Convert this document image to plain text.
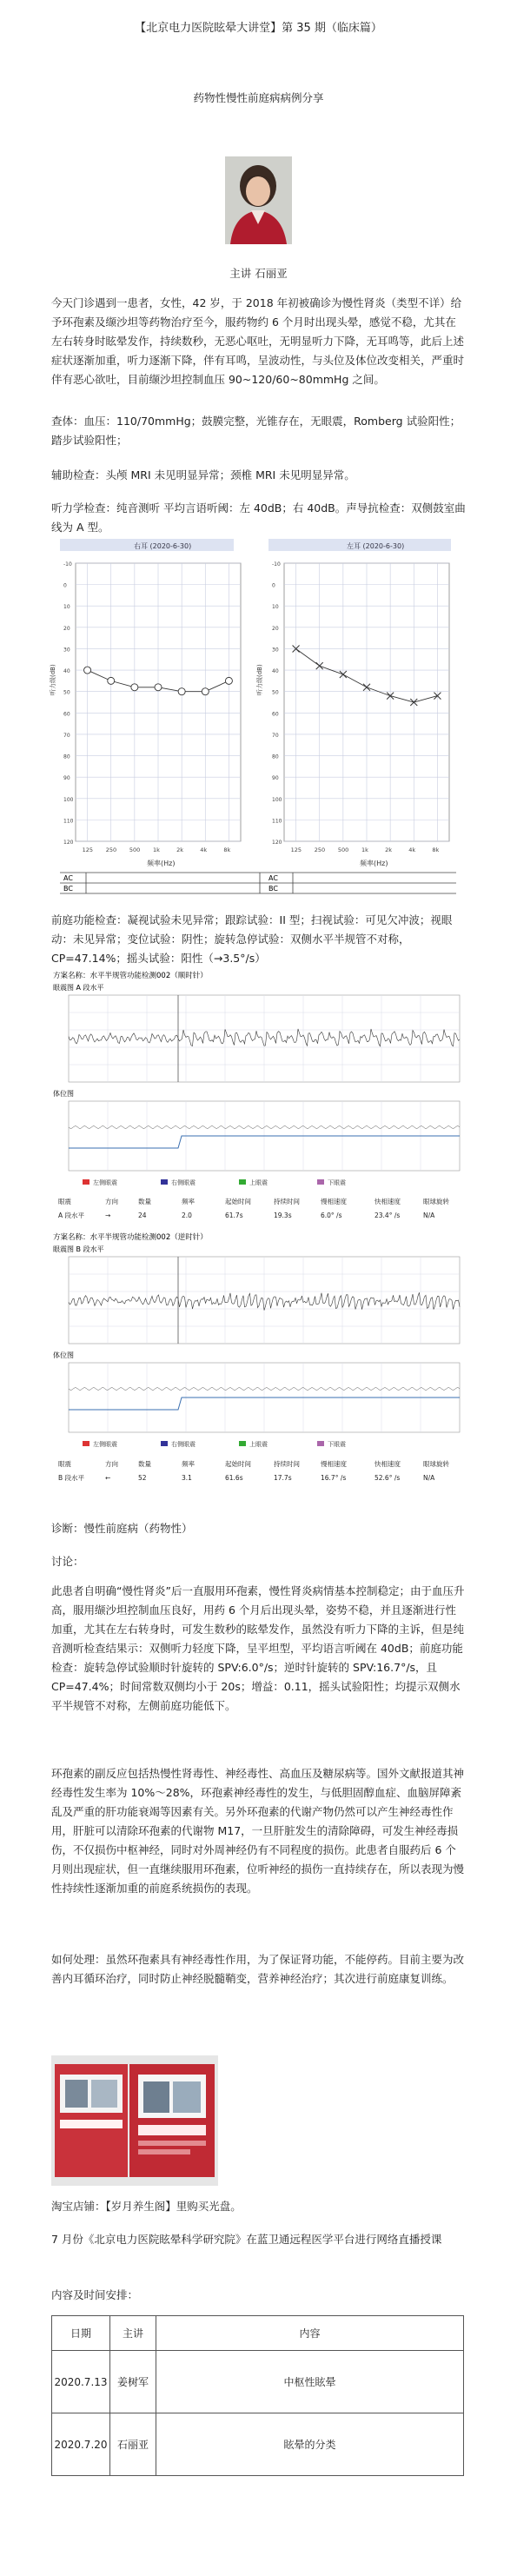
【北京电力医院眩晕大讲堂】第 35 期（临床篇）

药物性慢性前庭病病例分享

主讲 石丽亚

今天门诊遇到一患者，女性，42 岁，于 2018 年初被确诊为慢性肾炎（类型不详）给予环孢素及缬沙坦等药物治疗至今，服药物约 6 个月时出现头晕，感觉不稳，尤其在左右转身时眩晕发作，持续数秒，无恶心呕吐，无明显听力下降，无耳鸣等，此后上述症状逐渐加重，听力逐渐下降，伴有耳鸣，呈波动性，与头位及体位改变相关，严重时伴有恶心欲吐，目前缬沙坦控制血压 90~120/60~80mmHg 之间。

查体：血压：110/70mmHg；鼓膜完整，光锥存在，无眼震，Romberg 试验阳性；踏步试验阳性；

辅助检查：头颅 MRI 未见明显异常；颈椎 MRI 未见明显异常。

听力学检查：纯音测听 平均言语听阈：左 40dB；右 40dB。声导抗检查：双侧鼓室曲线为 A 型。

右耳 (2020-6-30)	左耳 (2020-6-30)
-10
0
10
20
30
40
50
60
70
80
90
100
110
120
125 250 500 1k	2k	4k	8k
-10
0
10
20
30
40
50
60
70
80
90
100
110
120
125 250 500 1k	2k	4k	8k
频率(Hz)	频率(Hz)
听力级(dB)	听力级(dB)
AC
BC
AC
BC

前庭功能检查：凝视试验未见异常；跟踪试验：II 型；扫视试验：可见欠冲波；视眼动：未见异常；变位试验：阴性；旋转急停试验：双侧水平半规管不对称，CP=47.14%；摇头试验：阳性（→3.5°/s）

方案名称：水平半规管功能检测002（顺时针）
眼震图 A 段水平
体位图
左侧眼震	右侧眼震	上眼震	下眼震
眼震	方向	数量	频率	起始时间	持续时间	慢相速度	快相速度	眼球旋转
A 段水平	→	24	2.0	61.7s	19.3s	6.0° /s	23.4° /s	N/A
方案名称：水平半规管功能检测002（逆时针）
眼震图 B 段水平
体位图
左侧眼震	右侧眼震	上眼震	下眼震
眼震	方向	数量	频率	起始时间	持续时间	慢相速度	快相速度	眼球旋转
B 段水平	←	52	3.1	61.6s	17.7s	16.7° /s	52.6° /s	N/A

诊断：慢性前庭病（药物性）

讨论：

此患者自明确“慢性肾炎”后一直服用环孢素，慢性肾炎病情基本控制稳定；由于血压升高，服用缬沙坦控制血压良好，用药 6 个月后出现头晕，姿势不稳，并且逐渐进行性加重，尤其在左右转身时，可发生数秒的眩晕发作，虽然没有听力下降的主诉，但是纯音测听检查结果示：双侧听力轻度下降，呈平坦型，平均语言听阈在 40dB；前庭功能检查：旋转急停试验顺时针旋转的 SPV:6.0°/s；逆时针旋转的 SPV:16.7°/s，且 CP=47.4%；时间常数双侧均小于 20s；增益：0.11，摇头试验阳性；均提示双侧水平半规管不对称，左侧前庭功能低下。

环孢素的副反应包括热慢性肾毒性、神经毒性、高血压及糖尿病等。国外文献报道其神经毒性发生率为 10%～28%，环孢素神经毒性的发生，与低胆固醇血症、血脑屏障紊乱及严重的肝功能衰竭等因素有关。另外环孢素的代谢产物仍然可以产生神经毒性作用，肝脏可以清除环孢素的代谢物 M17，一旦肝脏发生的清除障碍，可发生神经毒损伤，不仅损伤中枢神经，同时对外周神经仍有不同程度的损伤。此患者自服药后 6 个月则出现症状，但一直继续服用环孢素，位听神经的损伤一直持续存在，所以表现为慢性持续性逐渐加重的前庭系统损伤的表现。

如何处理：虽然环孢素具有神经毒性作用，为了保证肾功能，不能停药。目前主要为改善内耳循环治疗，同时防止神经脱髓鞘变，营养神经治疗；其次进行前庭康复训练。

淘宝店铺：【岁月养生阁】里购买光盘。

7 月份《北京电力医院眩晕科学研究院》在蓝卫通远程医学平台进行网络直播授课

内容及时间安排：

日期	主讲	内容
2020.7.13	姜树军	中枢性眩晕
2020.7.20	石丽亚	眩晕的分类
